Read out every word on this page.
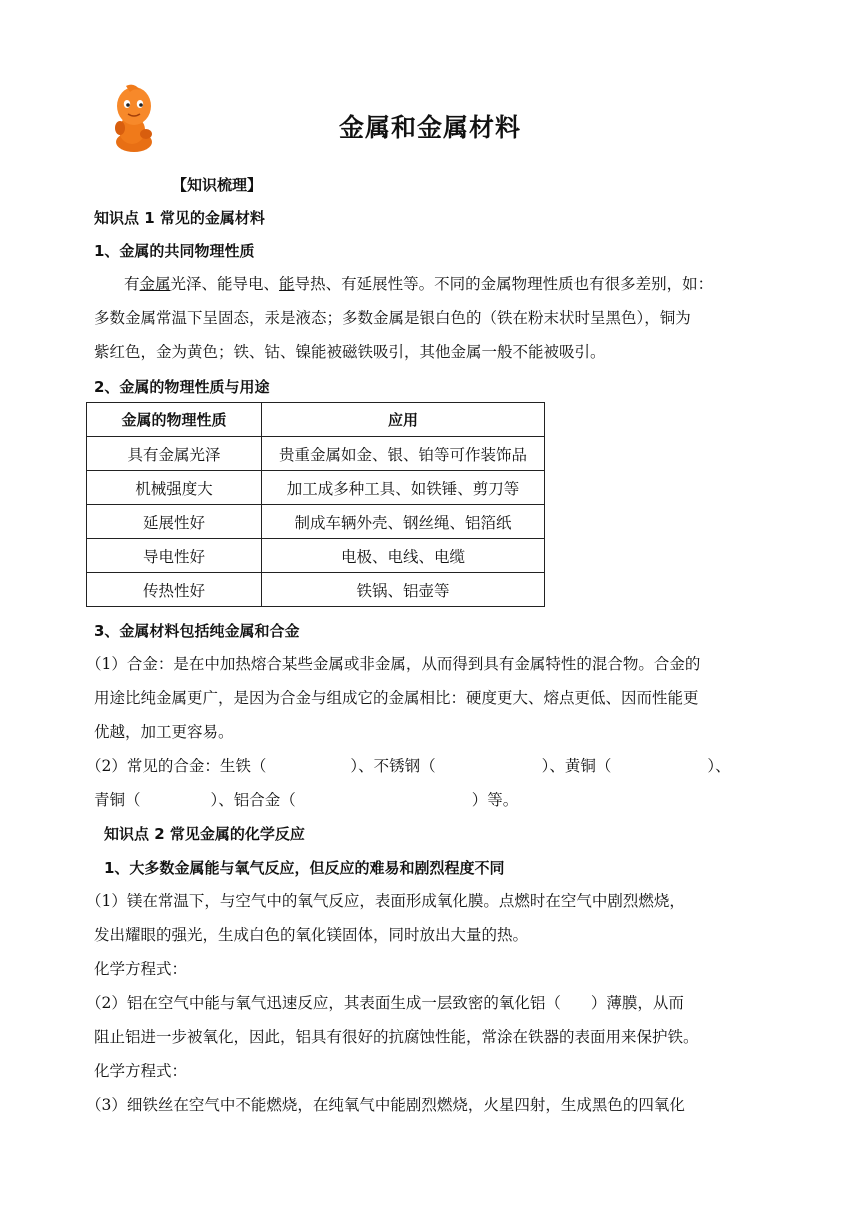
金属和金属材料
【知识梳理】
知识点 1 常见的金属材料
1、金属的共同物理性质
有金属光泽、能导电、能导热、有延展性等。不同的金属物理性质也有很多差别，如：
多数金属常温下呈固态，汞是液态；多数金属是银白色的（铁在粉末状时呈黑色），铜为
紫红色，金为黄色；铁、钴、镍能被磁铁吸引，其他金属一般不能被吸引。
2、金属的物理性质与用途
金属的物理性质	应用
具有金属光泽	贵重金属如金、银、铂等可作装饰品
机械强度大	加工成多种工具、如铁锤、剪刀等
延展性好	制成车辆外壳、钢丝绳、铝箔纸
导电性好	电极、电线、电缆
传热性好	铁锅、铝壶等
3、金属材料包括纯金属和合金
（1）合金：是在中加热熔合某些金属或非金属，从而得到具有金属特性的混合物。合金的
用途比纯金属更广，是因为合金与组成它的金属相比：硬度更大、熔点更低、因而性能更
优越，加工更容易。
（2）常见的合金：生铁（	）、不锈钢（	）、黄铜（	）、
青铜（	）、铝合金（	）等。
知识点 2 常见金属的化学反应
1、大多数金属能与氧气反应，但反应的难易和剧烈程度不同
（1）镁在常温下，与空气中的氧气反应，表面形成氧化膜。点燃时在空气中剧烈燃烧，
发出耀眼的强光，生成白色的氧化镁固体，同时放出大量的热。
化学方程式：
（2）铝在空气中能与氧气迅速反应，其表面生成一层致密的氧化铝（ ）薄膜，从而
阻止铝进一步被氧化，因此，铝具有很好的抗腐蚀性能，常涂在铁器的表面用来保护铁。
化学方程式：
（3）细铁丝在空气中不能燃烧，在纯氧气中能剧烈燃烧，火星四射，生成黑色的四氧化
